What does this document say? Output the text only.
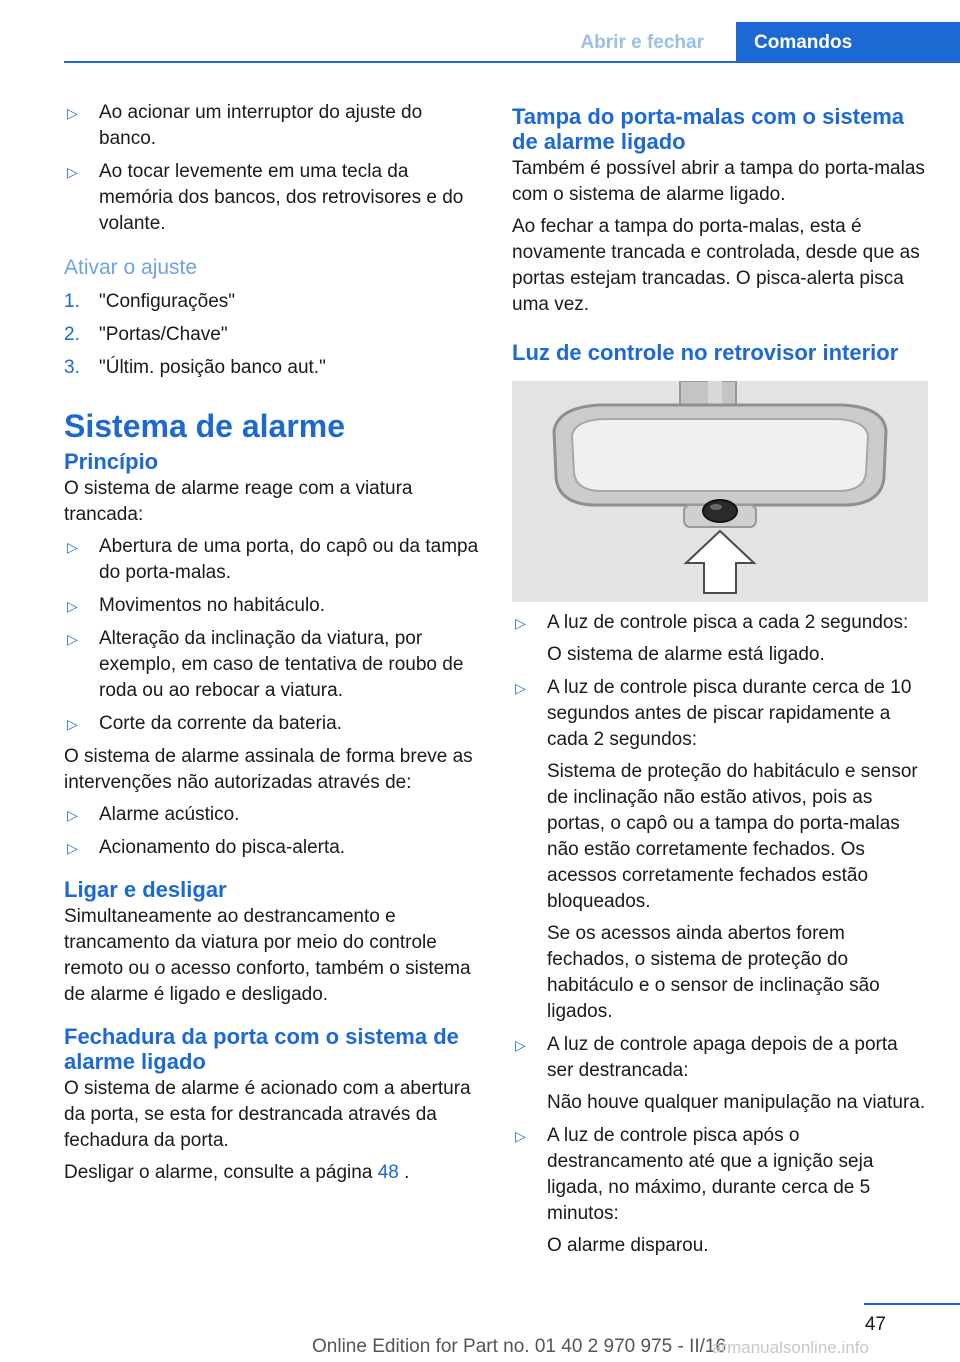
Abrir e fechar	Comandos
▷ Ao acionar um interruptor do ajuste do banco.
▷ Ao tocar levemente em uma tecla da memória dos bancos, dos retrovisores e do volante.
Ativar o ajuste
1. "Configurações"
2. "Portas/Chave"
3. "Últim. posição banco aut."
Sistema de alarme
Princípio

O sistema de alarme reage com a viatura trancada:

▷ Abertura de uma porta, do capô ou da tampa do porta-malas.
▷ Movimentos no habitáculo.
▷ Alteração da inclinação da viatura, por exemplo, em caso de tentativa de roubo de roda ou ao rebocar a viatura.
▷ Corte da corrente da bateria.

O sistema de alarme assinala de forma breve as intervenções não autorizadas através de:

▷ Alarme acústico.
▷ Acionamento do pisca-alerta.
Ligar e desligar

Simultaneamente ao destrancamento e trancamento da viatura por meio do controle remoto ou o acesso conforto, também o sistema de alarme é ligado e desligado.

Fechadura da porta com o sistema de alarme ligado

O sistema de alarme é acionado com a abertura da porta, se esta for destrancada através da fechadura da porta.

Desligar o alarme, consulte a página 48 .

Tampa do porta-malas com o sistema de alarme ligado

Também é possível abrir a tampa do porta-malas com o sistema de alarme ligado.

Ao fechar a tampa do porta-malas, esta é novamente trancada e controlada, desde que as portas estejam trancadas. O pisca-alerta pisca uma vez.

Luz de controle no retrovisor interior
▷ A luz de controle pisca a cada 2 segundos:

O sistema de alarme está ligado.

▷ A luz de controle pisca durante cerca de 10 segundos antes de piscar rapidamente a cada 2 segundos:

Sistema de proteção do habitáculo e sensor de inclinação não estão ativos, pois as portas, o capô ou a tampa do porta-malas não estão corretamente fechados. Os acessos corretamente fechados estão bloqueados.

Se os acessos ainda abertos forem fechados, o sistema de proteção do habitáculo e o sensor de inclinação são ligados.

▷ A luz de controle apaga depois de a porta ser destrancada:

Não houve qualquer manipulação na viatura.

▷ A luz de controle pisca após o destrancamento até que a ignição seja ligada, no máximo, durante cerca de 5 minutos:

O alarme disparou.

47
Online Edition for Part no. 01 40 2 970 975 - II/16
armanualsonline.info
